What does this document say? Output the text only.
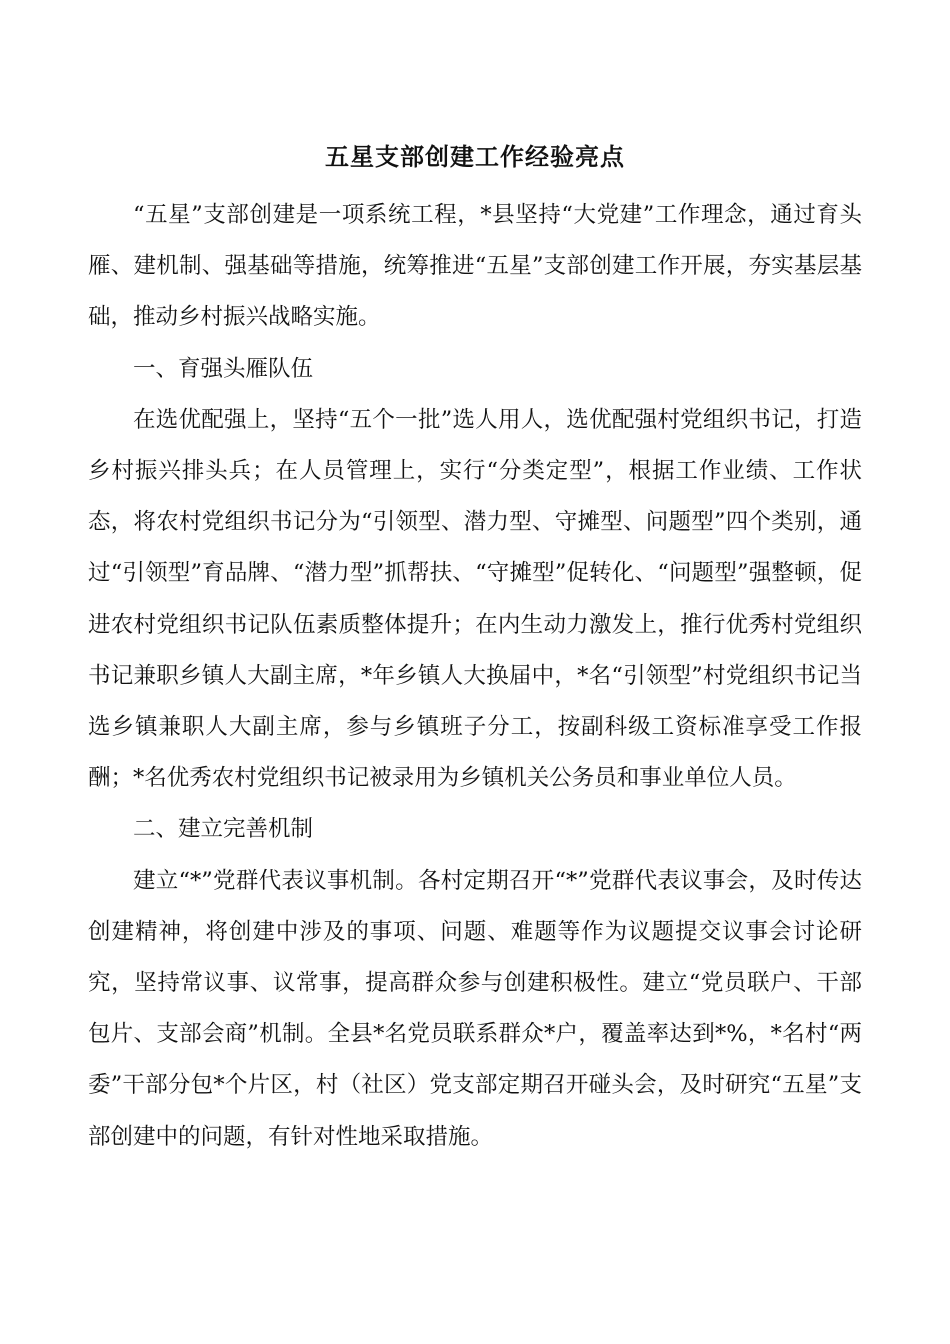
五星支部创建工作经验亮点

“五星”支部创建是一项系统工程，*县坚持“大党建”工作理念，通过育头雁、建机制、强基础等措施，统筹推进“五星”支部创建工作开展，夯实基层基础，推动乡村振兴战略实施。

一、育强头雁队伍

在选优配强上，坚持“五个一批”选人用人，选优配强村党组织书记，打造乡村振兴排头兵；在人员管理上，实行“分类定型”，根据工作业绩、工作状态，将农村党组织书记分为“引领型、潜力型、守摊型、问题型”四个类别，通过“引领型”育品牌、“潜力型”抓帮扶、“守摊型”促转化、“问题型”强整顿，促进农村党组织书记队伍素质整体提升；在内生动力激发上，推行优秀村党组织书记兼职乡镇人大副主席，*年乡镇人大换届中，*名“引领型”村党组织书记当选乡镇兼职人大副主席，参与乡镇班子分工，按副科级工资标准享受工作报酬；*名优秀农村党组织书记被录用为乡镇机关公务员和事业单位人员。

二、建立完善机制

建立“*”党群代表议事机制。各村定期召开“*”党群代表议事会，及时传达创建精神，将创建中涉及的事项、问题、难题等作为议题提交议事会讨论研究，坚持常议事、议常事，提高群众参与创建积极性。建立“党员联户、干部包片、支部会商”机制。全县*名党员联系群众*户，覆盖率达到*%，*名村“两委”干部分包*个片区，村（社区）党支部定期召开碰头会，及时研究“五星”支部创建中的问题，有针对性地采取措施。
